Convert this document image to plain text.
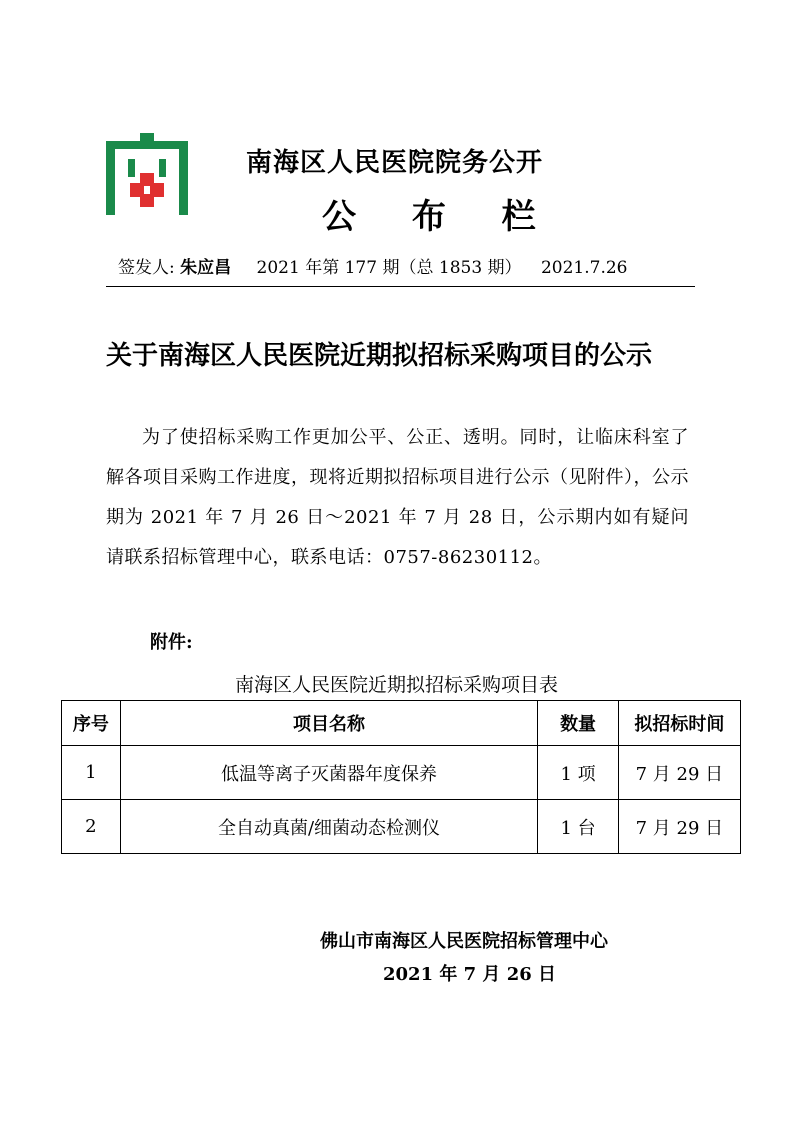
南海区人民医院院务公开
公 布 栏
签发人: 朱应昌 2021 年第 177 期（总 1853 期） 2021.7.26
关于南海区人民医院近期拟招标采购项目的公示
为了使招标采购工作更加公平、公正、透明。同时，让临床科室了解各项目采购工作进度，现将近期拟招标项目进行公示（见附件），公示期为 2021 年 7 月 26 日～2021 年 7 月 28 日，公示期内如有疑问请联系招标管理中心，联系电话：0757-86230112。
附件:
南海区人民医院近期拟招标采购项目表
序号	项目名称	数量	拟招标时间
1	低温等离子灭菌器年度保养	1 项	7 月 29 日
2	全自动真菌/细菌动态检测仪	1 台	7 月 29 日
佛山市南海区人民医院招标管理中心
2021 年 7 月 26 日
